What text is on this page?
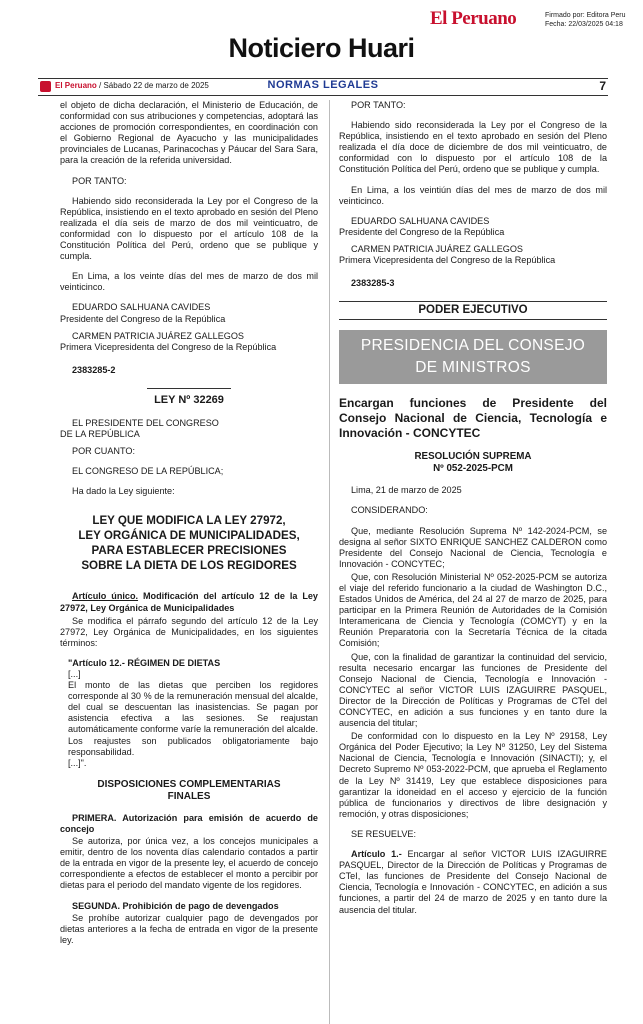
El Peruano	Firmado por: Editora Peru
Fecha: 22/03/2025 04:18
Noticiero Huari
El Peruano / Sábado 22 de marzo de 2025	NORMAS LEGALES	7

el objeto de dicha declaración, el Ministerio de Educación, de conformidad con sus atribuciones y competencias, adoptará las acciones de promoción correspondientes, en coordinación con el Gobierno Regional de Ayacucho y las municipalidades provinciales de Lucanas, Parinacochas y Páucar del Sara Sara, para la creación de la referida universidad.

POR TANTO:

Habiendo sido reconsiderada la Ley por el Congreso de la República, insistiendo en el texto aprobado en sesión del Pleno realizada el día seis de marzo de dos mil veinticuatro, de conformidad con lo dispuesto por el artículo 108 de la Constitución Política del Perú, ordeno que se publique y cumpla.

En Lima, a los veinte días del mes de marzo de dos mil veinticinco.

EDUARDO SALHUANA CAVIDES
Presidente del Congreso de la República

CARMEN PATRICIA JUÁREZ GALLEGOS
Primera Vicepresidenta del Congreso de la República

2383285-2
LEY Nº 32269

EL PRESIDENTE DEL CONGRESO
DE LA REPÚBLICA

POR CUANTO:

EL CONGRESO DE LA REPÚBLICA;

Ha dado la Ley siguiente:

LEY QUE MODIFICA LA LEY 27972,
LEY ORGÁNICA DE MUNICIPALIDADES,
PARA ESTABLECER PRECISIONES
SOBRE LA DIETA DE LOS REGIDORES

Artículo único. Modificación del artículo 12 de la Ley 27972, Ley Orgánica de Municipalidades

Se modifica el párrafo segundo del artículo 12 de la Ley 27972, Ley Orgánica de Municipalidades, en los siguientes términos:

"Artículo 12.- RÉGIMEN DE DIETAS
[...]

El monto de las dietas que perciben los regidores corresponde al 30 % de la remuneración mensual del alcalde, del cual se descuentan las inasistencias. Se pagan por asistencia efectiva a las sesiones. Se reajustan automáticamente conforme varíe la remuneración del alcalde. Los reajustes son publicados obligatoriamente bajo responsabilidad.

[...]".

DISPOSICIONES COMPLEMENTARIAS
FINALES

PRIMERA. Autorización para emisión de acuerdo de concejo

Se autoriza, por única vez, a los concejos municipales a emitir, dentro de los noventa días calendario contados a partir de la entrada en vigor de la presente ley, el acuerdo de concejo correspondiente a efectos de establecer el monto a percibir por dietas para el periodo del mandato vigente de los regidores.

SEGUNDA. Prohibición de pago de devengados

Se prohíbe autorizar cualquier pago de devengados por dietas anteriores a la fecha de entrada en vigor de la presente ley.

POR TANTO:

Habiendo sido reconsiderada la Ley por el Congreso de la República, insistiendo en el texto aprobado en sesión del Pleno realizada el día doce de diciembre de dos mil veinticuatro, de conformidad con lo dispuesto por el artículo 108 de la Constitución Política del Perú, ordeno que se publique y cumpla.

En Lima, a los veintiún días del mes de marzo de dos mil veinticinco.

EDUARDO SALHUANA CAVIDES
Presidente del Congreso de la República

CARMEN PATRICIA JUÁREZ GALLEGOS
Primera Vicepresidenta del Congreso de la República

2383285-3
PODER EJECUTIVO
PRESIDENCIA DEL CONSEJO
DE MINISTROS
Encargan funciones de Presidente del Consejo Nacional de Ciencia, Tecnología e Innovación - CONCYTEC
RESOLUCIÓN SUPREMA
Nº 052-2025-PCM

Lima, 21 de marzo de 2025

CONSIDERANDO:

Que, mediante Resolución Suprema Nº 142-2024-PCM, se designa al señor SIXTO ENRIQUE SANCHEZ CALDERON como Presidente del Consejo Nacional de Ciencia, Tecnología e Innovación - CONCYTEC;

Que, con Resolución Ministerial Nº 052-2025-PCM se autoriza el viaje del referido funcionario a la ciudad de Washington D.C., Estados Unidos de América, del 24 al 27 de marzo de 2025, para participar en la Primera Reunión de Autoridades de la Comisión Interamericana de Ciencia y Tecnología (COMCYT) y en la Reunión Preparatoria con la Secretaría Técnica de la citada Comisión;

Que, con la finalidad de garantizar la continuidad del servicio, resulta necesario encargar las funciones de Presidente del Consejo Nacional de Ciencia, Tecnología e Innovación - CONCYTEC al señor VICTOR LUIS IZAGUIRRE PASQUEL, Director de la Dirección de Políticas y Programas de CTeI del CONCYTEC, en adición a sus funciones y en tanto dure la ausencia del titular;

De conformidad con lo dispuesto en la Ley Nº 29158, Ley Orgánica del Poder Ejecutivo; la Ley Nº 31250, Ley del Sistema Nacional de Ciencia, Tecnología e Innovación (SINACTI); y, el Decreto Supremo Nº 053-2022-PCM, que aprueba el Reglamento de la Ley Nº 31419, Ley que establece disposiciones para garantizar la idoneidad en el acceso y ejercicio de la función pública de funcionarios y directivos de libre designación y remoción, y otras disposiciones;

SE RESUELVE:

Artículo 1.- Encargar al señor VICTOR LUIS IZAGUIRRE PASQUEL, Director de la Dirección de Políticas y Programas de CTeI, las funciones de Presidente del Consejo Nacional de Ciencia, Tecnología e Innovación - CONCYTEC, en adición a sus funciones, a partir del 24 de marzo de 2025 y en tanto dure la ausencia del titular.
